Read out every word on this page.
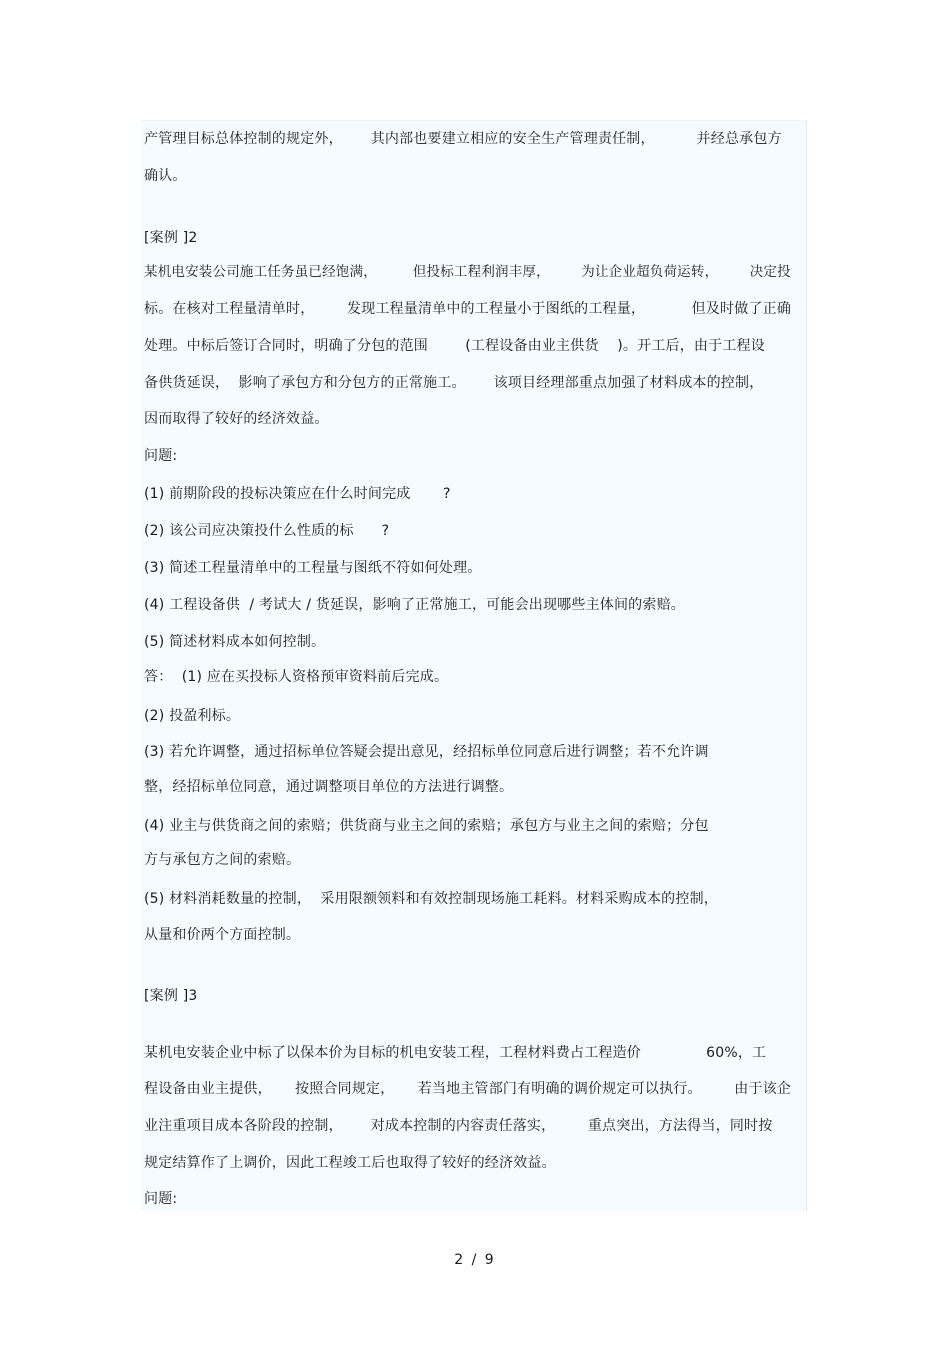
产管理目标总体控制的规定外，      其内部也要建立相应的安全生产管理责任制，         并经总承包方
确认。
[案例 ]2
某机电安装公司施工任务虽已经饱满，        但投标工程利润丰厚，       为让企业超负荷运转，       决定投
标。在核对工程量清单时，       发现工程量清单中的工程量小于图纸的工程量，          但及时做了正确
处理。中标后签订合同时，明确了分包的范围        (工程设备由业主供货    )。开工后，由于工程设
备供货延误，  影响了承包方和分包方的正常施工。      该项目经理部重点加强了材料成本的控制，
因而取得了较好的经济效益。
问题:
(1) 前期阶段的投标决策应在什么时间完成       ?
(2) 该公司应决策投什么性质的标      ?
(3) 简述工程量清单中的工程量与图纸不符如何处理。
(4) 工程设备供  / 考试大 / 货延误，影响了正常施工，可能会出现哪些主体间的索赔。
(5) 简述材料成本如何控制。
答：  (1) 应在买投标人资格预审资料前后完成。
(2) 投盈利标。
(3) 若允许调整，通过招标单位答疑会提出意见，经招标单位同意后进行调整；若不允许调
整，经招标单位同意，通过调整项目单位的方法进行调整。
(4) 业主与供货商之间的索赔；供货商与业主之间的索赔；承包方与业主之间的索赔；分包
方与承包方之间的索赔。
(5) 材料消耗数量的控制，  采用限额领料和有效控制现场施工耗料。材料采购成本的控制，
从量和价两个方面控制。
[案例 ]3
某机电安装企业中标了以保本价为目标的机电安装工程，工程材料费占工程造价              60%，工
程设备由业主提供，     按照合同规定，     若当地主管部门有明确的调价规定可以执行。       由于该企
业注重项目成本各阶段的控制，      对成本控制的内容责任落实，       重点突出，方法得当，同时按
规定结算作了上调价，因此工程竣工后也取得了较好的经济效益。
问题:
2 / 9
